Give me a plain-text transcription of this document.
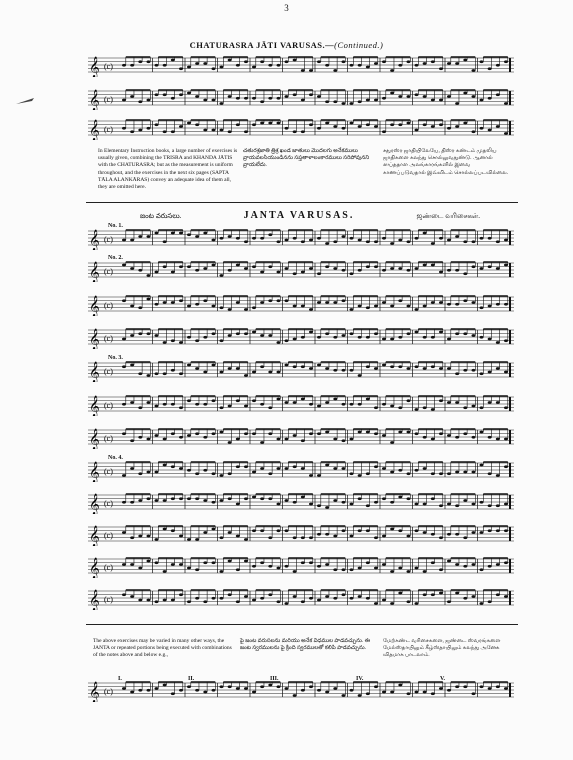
3
CHATURASRA JĀTI VARUSAS.—(Continued.)
𝄞 (c)
𝄞 (c)
𝄞 (c)
In Elementary Instruction books, a large number of exercises is usually given, combining the TRISRA and KHANDA JĀTIS with the CHATURASRA; but as the measurement is uniform throughout, and the exercises in the next six pages (SAPTA TĀLA ALANKĀRAS) convey an adequate idea of them all, they are omitted here.
చతురశ్రజాతి త్రిశ్ర ఖండ జాతులు మొదలగు అనేకములు వ్రాయవలసియుండినను సప్తతాళాలంకారములు సరిపోవునని వ్రాయలేదు.
சதுரஸ்ர ஜாதியிலேயே, திஸ்ர கண்டம் முதலிய ஜாதிகளை கலந்து சொல்லுவதுண்டு. ஆனால் ஸப்ததாள அலங்காரங்களில் இவை காணப்படுவதால் இவ்விடம் சொல்லப்படவில்லை.
జంట వరుసలు.	JANTA VARUSAS.	ஜண்டை வரிசைகள்.
No. 1.
𝄞 (c)
No. 2.
𝄞 (c)
𝄞 (c)
𝄞 (c)
No. 3.
𝄞 (c)
𝄞 (c)
𝄞 (c)
No. 4.
𝄞 (c)
𝄞 (c)
𝄞 (c)
𝄞 (c)
𝄞 (c)
The above exercises may be varied in many other ways, the JANTA or repeated portions being executed with combinations of the notes above and below e.g.,
పై జంట వరుసలను మరియు అనేక విధముల పాడవచ్చును. ఈ జంట స్వరములను పై క్రింది స్వరములతో కలిపి పాడవచ్చును.
மேற்கண்ட வரிசைகளை, ஜண்டை ஸ்வரங்களை மேல்ஸ்தாயிலும் கீழ்ஸ்தாயிலும் கலந்து அனேக விதமாக பாடலாம்.
I.	II.	III.	IV.	V.
𝄞 (c)
